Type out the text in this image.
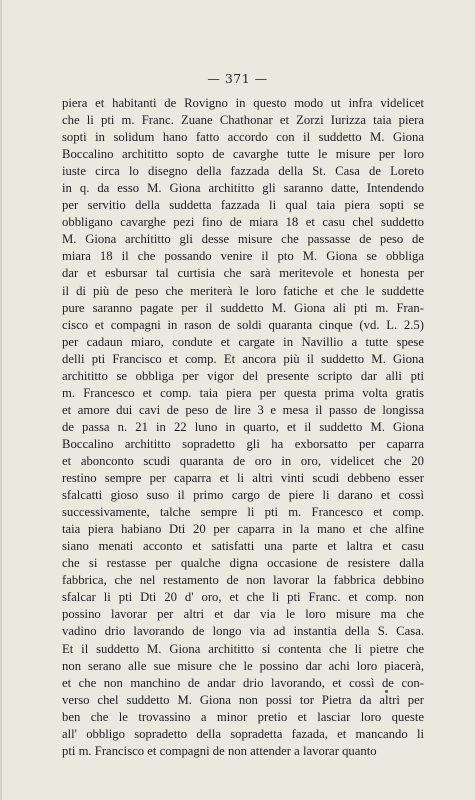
— 371 —
piera et habitanti de Rovigno in questo modo ut infra videlicet
che li pti m. Franc. Zuane Chathonar et Zorzi Iurizza taia piera
sopti in solidum hano fatto accordo con il suddetto M. Giona
Boccalino archititto sopto de cavarghe tutte le misure per loro
iuste circa lo disegno della fazzada della St. Casa de Loreto
in q. da esso M. Giona archititto gli saranno datte, Intendendo
per servitio della suddetta fazzada li qual taia piera sopti se
obbligano cavarghe pezi fino de miara 18 et casu chel suddetto
M. Giona archititto gli desse misure che passasse de peso de
miara 18 il che possando venire il pto M. Giona se obbliga
dar et esbursar tal curtisia che sarà meritevole et honesta per
il di più de peso che meriterà le loro fatiche et che le suddette
pure saranno pagate per il suddetto M. Giona ali pti m. Fran-
cisco et compagni in rason de soldi quaranta cinque (vd. L. 2.5)
per cadaun miaro, condute et cargate in Navillio a tutte spese
delli pti Francisco et comp. Et ancora più il suddetto M. Giona
archititto se obbliga per vigor del presente scripto dar alli pti
m. Francesco et comp. taia piera per questa prima volta gratis
et amore dui cavi de peso de lire 3 e mesa il passo de longissa
de passa n. 21 in 22 luno in quarto, et il suddetto M. Giona
Boccalino archititto sopradetto gli ha exborsatto per caparra
et abonconto scudi quaranta de oro in oro, videlicet che 20
restino sempre per caparra et li altri vinti scudi debbeno esser
sfalcatti gioso suso il primo cargo de piere li darano et cossì
successivamente, talche sempre li pti m. Francesco et comp.
taia piera habiano Dti 20 per caparra in la mano et che alfine
siano menati acconto et satisfatti una parte et laltra et casu
che si restasse per qualche digna occasione de resistere dalla
fabbrica, che nel restamento de non lavorar la fabbrica debbino
sfalcar li pti Dti 20 d' oro, et che li pti Franc. et comp. non
possino lavorar per altri et dar via le loro misure ma che
vadino drio lavorando de longo via ad instantia della S. Casa.
Et il suddetto M. Giona archititto si contenta che li pietre che
non serano alle sue misure che le possino dar achi loro piacerà,
et che non manchino de andar drio lavorando, et cossì de con-
verso chel suddetto M. Giona non possi tor Pietra da altri per
ben che le trovassino a minor pretio et lasciar loro queste
all' obbligo sopradetto della sopradetta fazada, et mancando li
pti m. Francisco et compagni de non attender a lavorar quanto
